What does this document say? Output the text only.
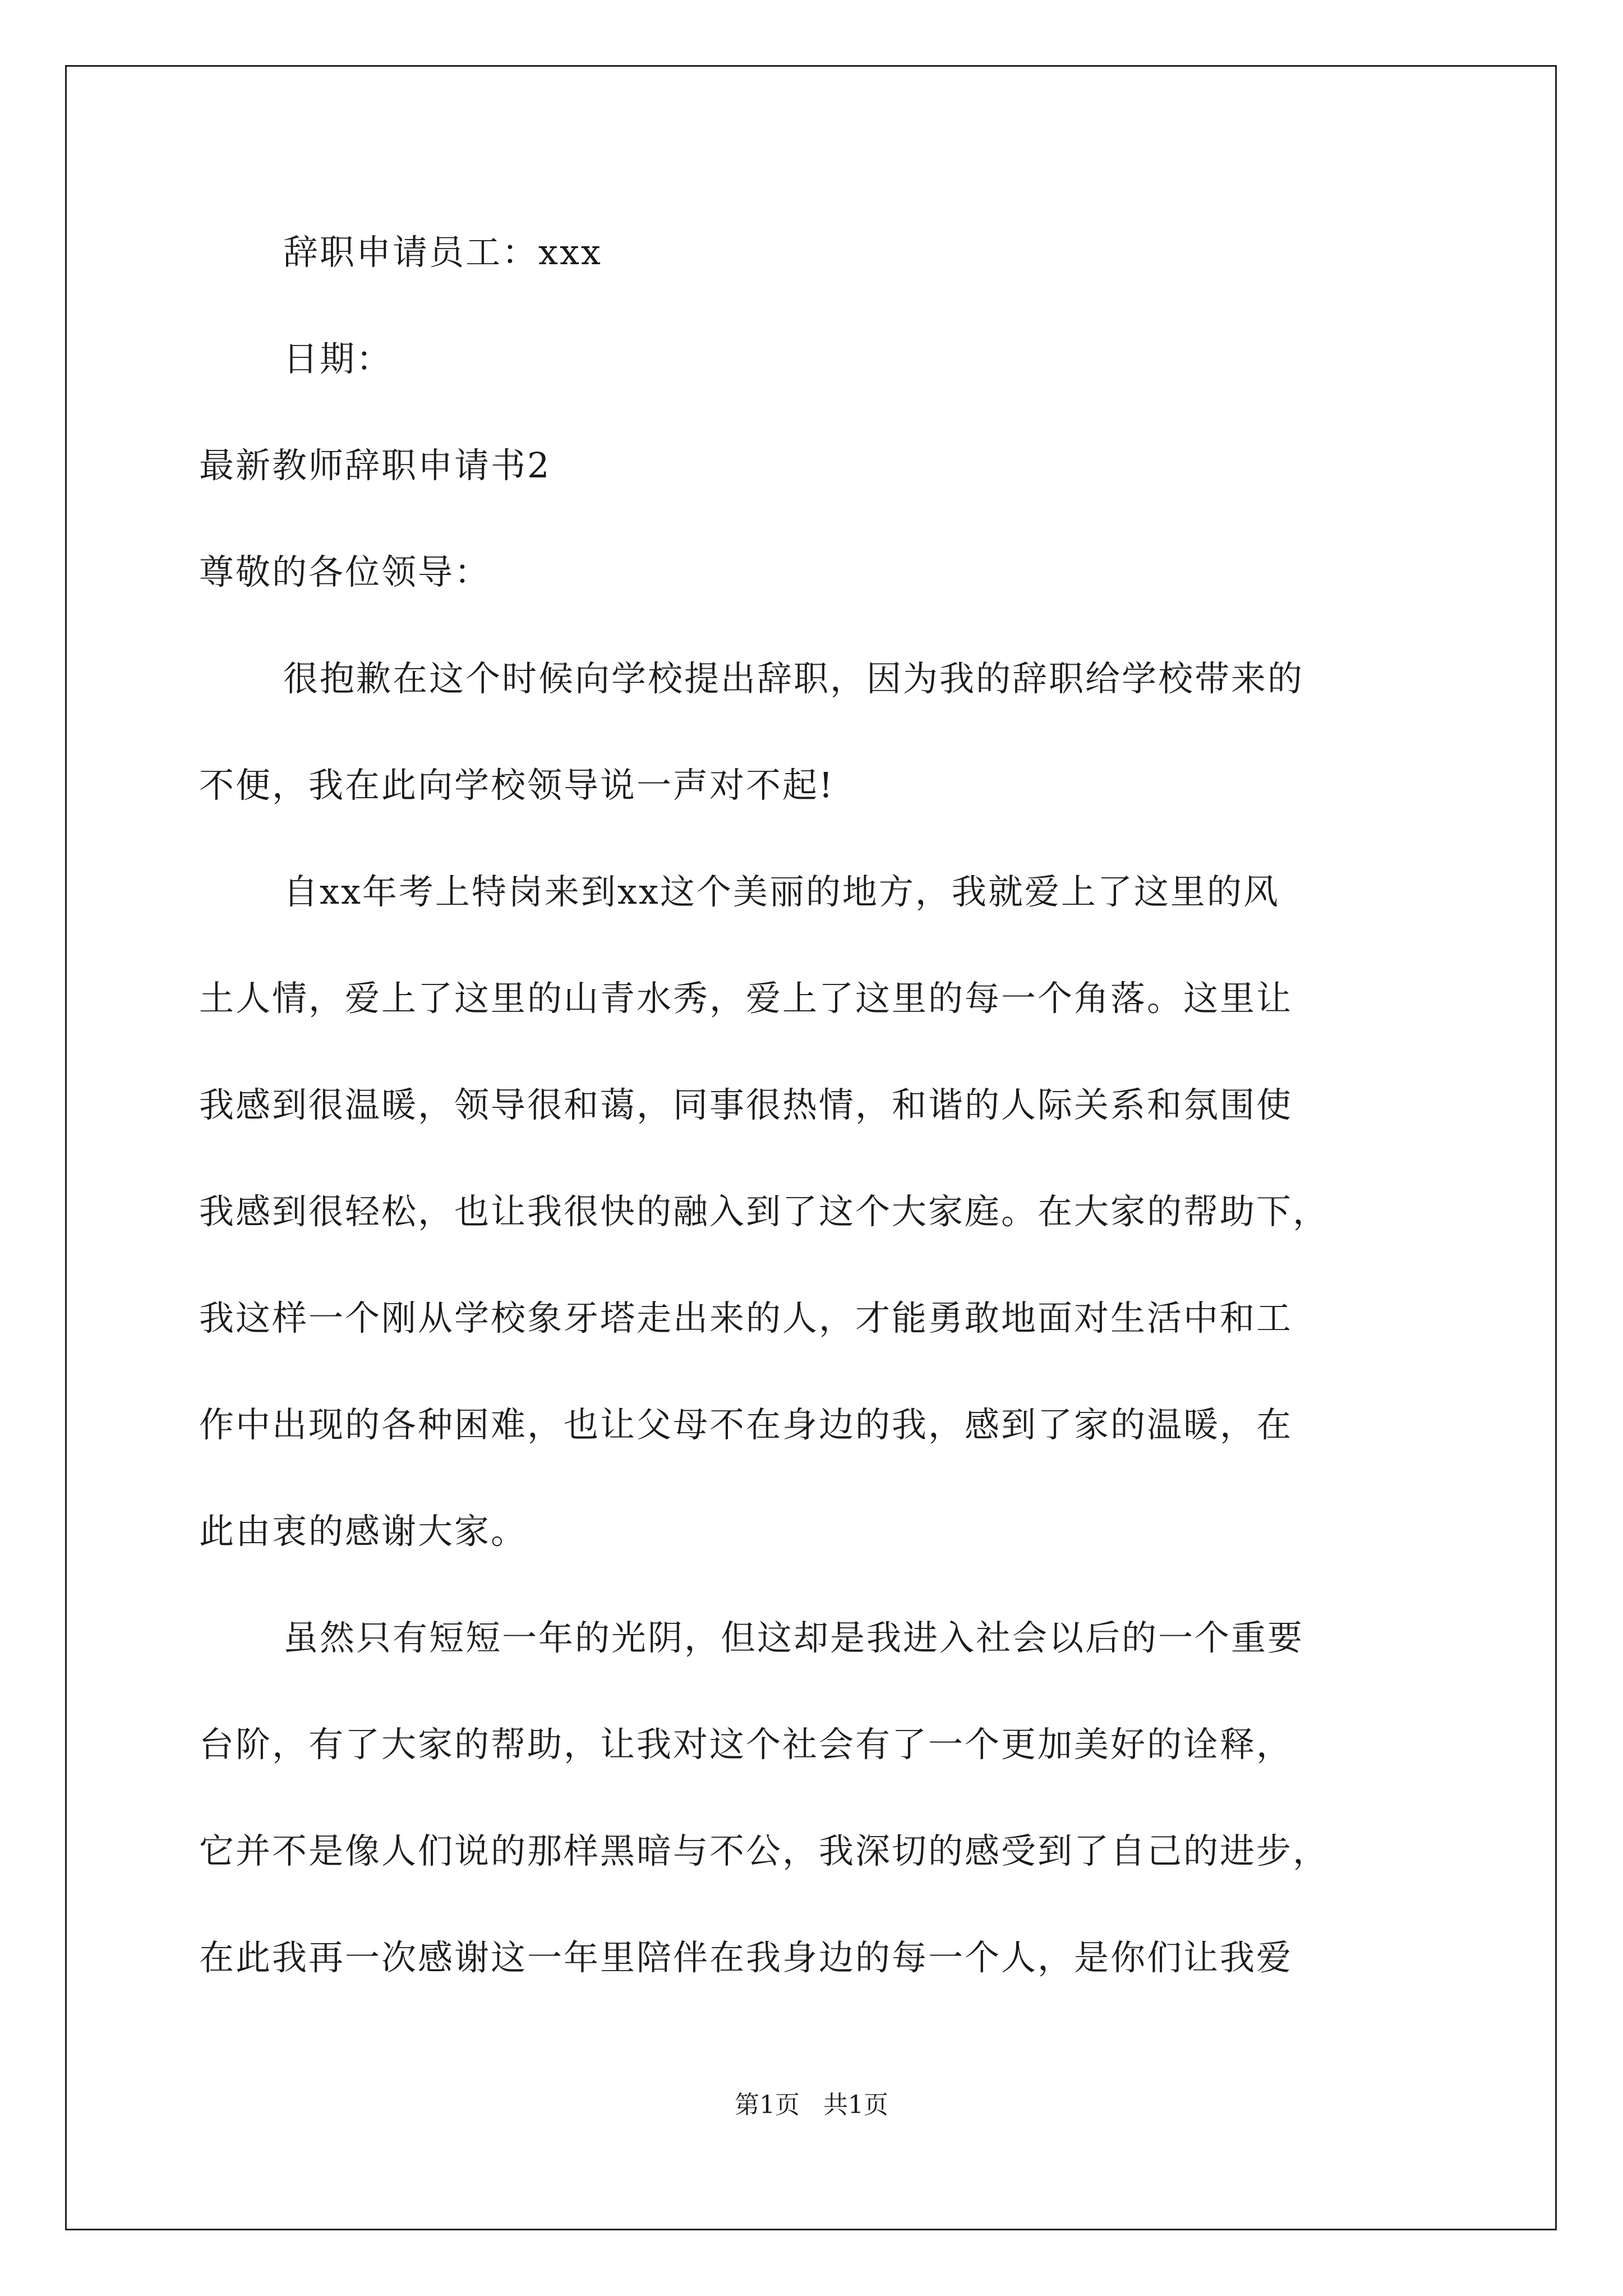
辞职申请员工：xxx
日期：
最新教师辞职申请书2
尊敬的各位领导：
很抱歉在这个时候向学校提出辞职，因为我的辞职给学校带来的
不便，我在此向学校领导说一声对不起!
自xx年考上特岗来到xx这个美丽的地方，我就爱上了这里的风
土人情，爱上了这里的山青水秀，爱上了这里的每一个角落。这里让
我感到很温暖，领导很和蔼，同事很热情，和谐的人际关系和氛围使
我感到很轻松，也让我很快的融入到了这个大家庭。在大家的帮助下，
我这样一个刚从学校象牙塔走出来的人，才能勇敢地面对生活中和工
作中出现的各种困难，也让父母不在身边的我，感到了家的温暖，在
此由衷的感谢大家。
虽然只有短短一年的光阴，但这却是我进入社会以后的一个重要
台阶，有了大家的帮助，让我对这个社会有了一个更加美好的诠释，
它并不是像人们说的那样黑暗与不公，我深切的感受到了自己的进步，
在此我再一次感谢这一年里陪伴在我身边的每一个人，是你们让我爱
第1页   共1页
